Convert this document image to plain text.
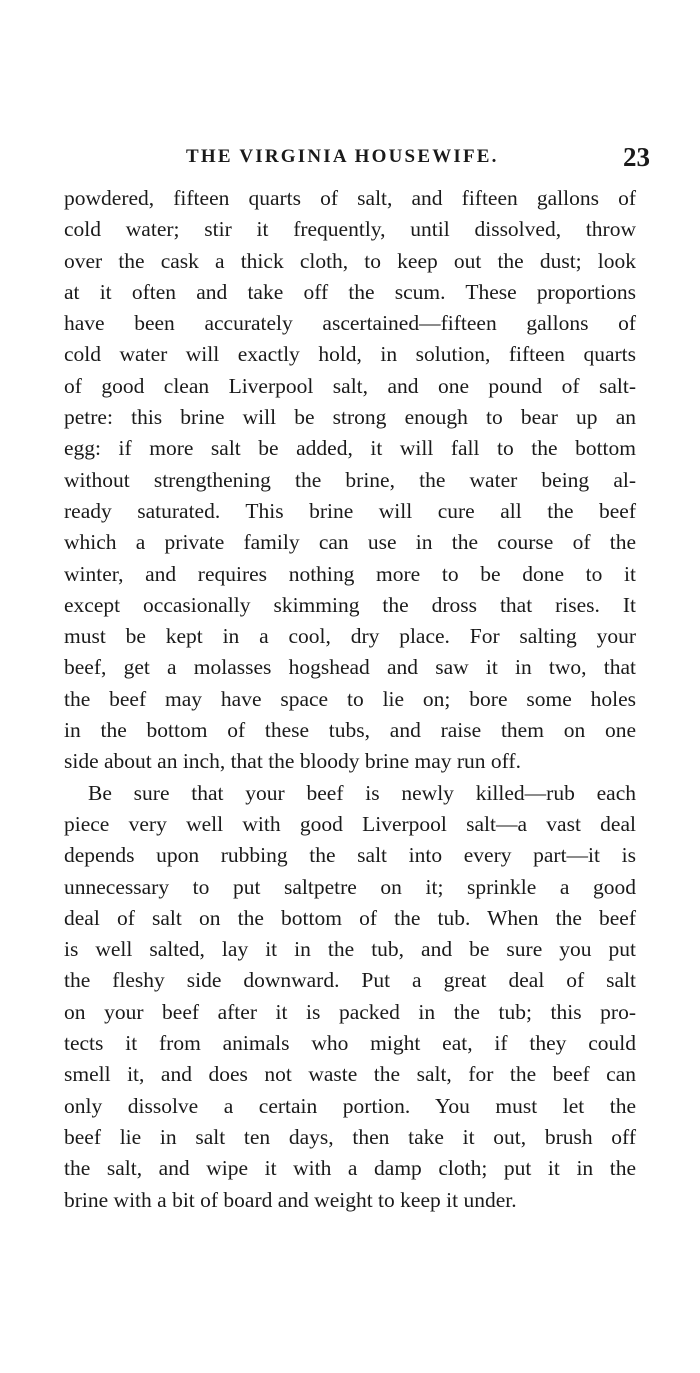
THE VIRGINIA HOUSEWIFE.	23
powdered, fifteen quarts of salt, and fifteen gallons of
cold water; stir it frequently, until dissolved, throw
over the cask a thick cloth, to keep out the dust; look
at it often and take off the scum. These proportions
have been accurately ascertained—fifteen gallons of
cold water will exactly hold, in solution, fifteen quarts
of good clean Liverpool salt, and one pound of salt-
petre: this brine will be strong enough to bear up an
egg: if more salt be added, it will fall to the bottom
without strengthening the brine, the water being al-
ready saturated. This brine will cure all the beef
which a private family can use in the course of the
winter, and requires nothing more to be done to it
except occasionally skimming the dross that rises. It
must be kept in a cool, dry place. For salting your
beef, get a molasses hogshead and saw it in two, that
the beef may have space to lie on; bore some holes
in the bottom of these tubs, and raise them on one
side about an inch, that the bloody brine may run off.
Be sure that your beef is newly killed—rub each
piece very well with good Liverpool salt—a vast deal
depends upon rubbing the salt into every part—it is
unnecessary to put saltpetre on it; sprinkle a good
deal of salt on the bottom of the tub. When the beef
is well salted, lay it in the tub, and be sure you put
the fleshy side downward. Put a great deal of salt
on your beef after it is packed in the tub; this pro-
tects it from animals who might eat, if they could
smell it, and does not waste the salt, for the beef can
only dissolve a certain portion. You must let the
beef lie in salt ten days, then take it out, brush off
the salt, and wipe it with a damp cloth; put it in the
brine with a bit of board and weight to keep it under.
